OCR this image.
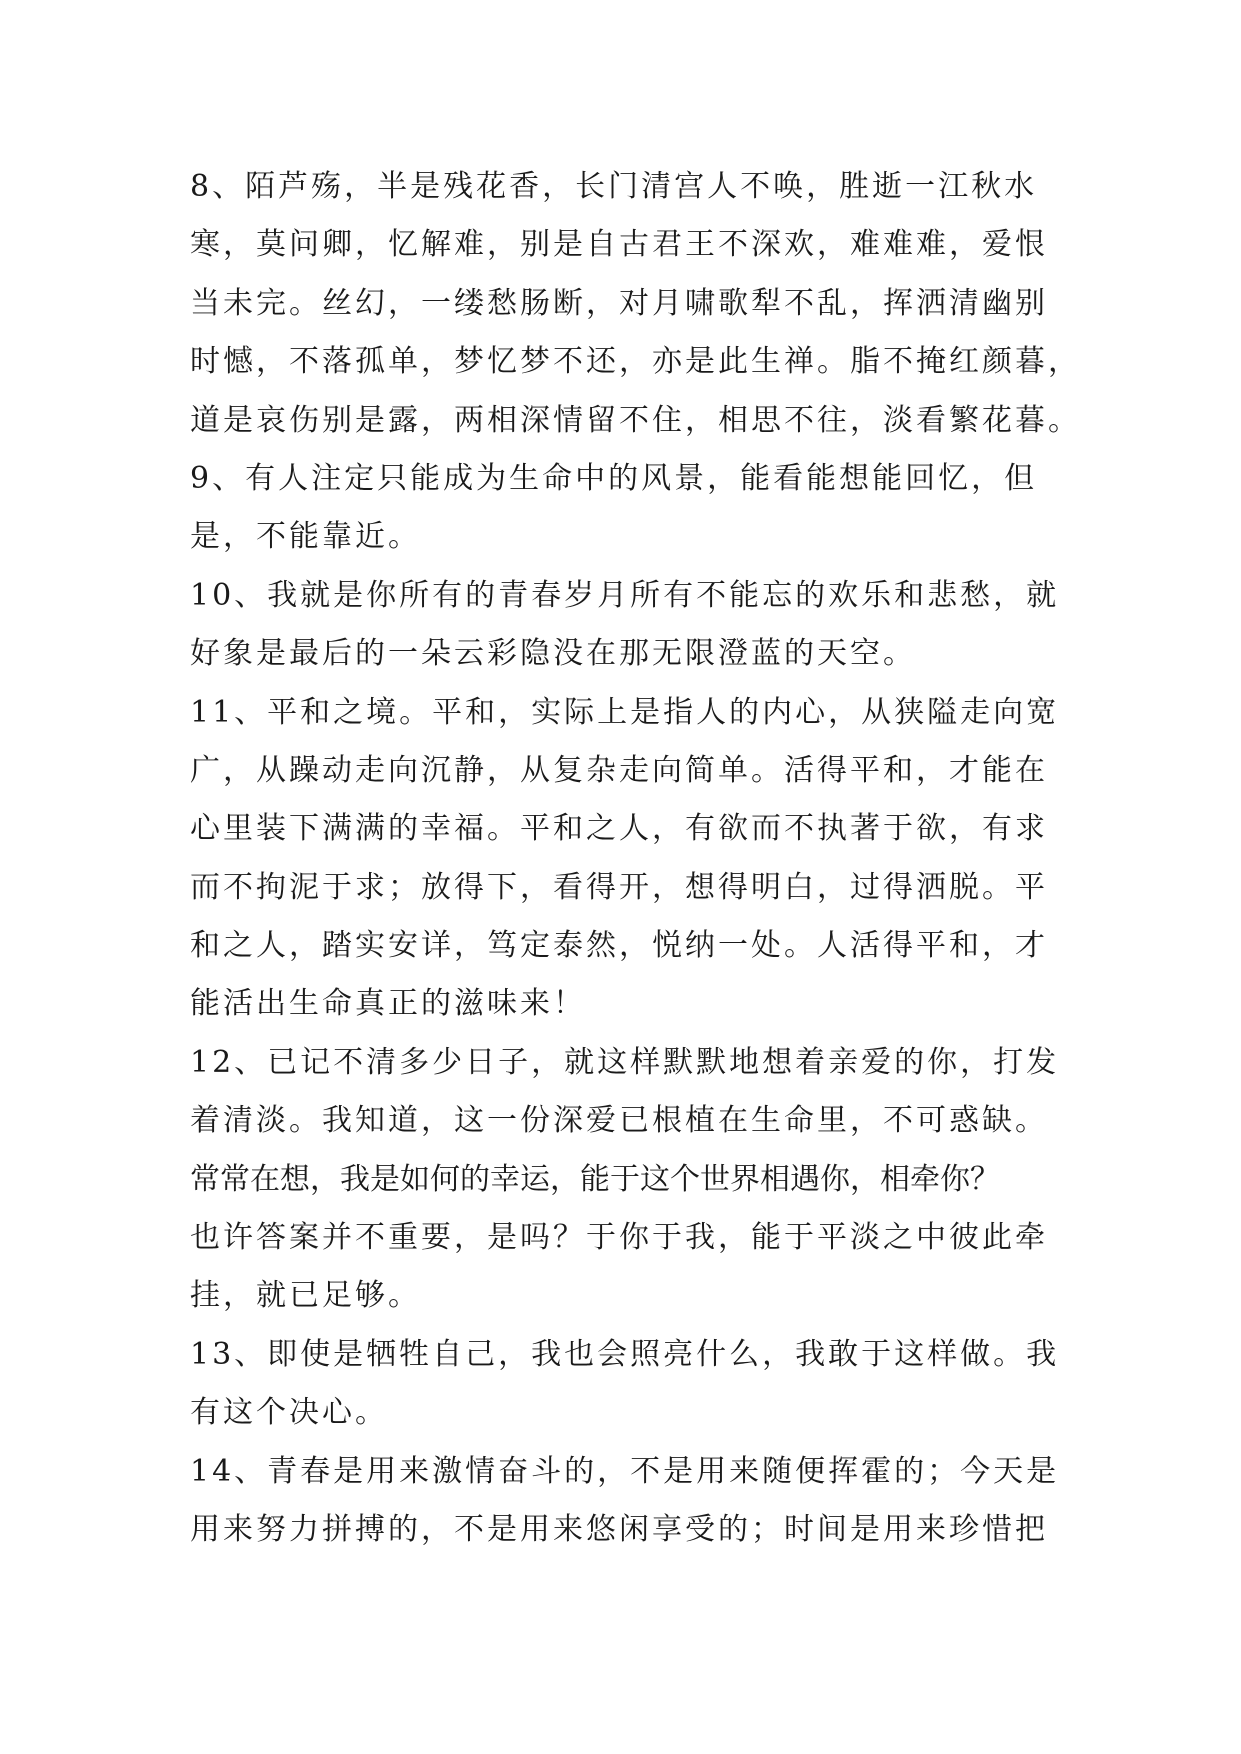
8、陌芦殇，半是残花香，长门清宫人不唤，胜逝一江秋水
寒，莫问卿，忆解难，别是自古君王不深欢，难难难，爱恨
当未完。丝幻，一缕愁肠断，对月啸歌犁不乱，挥洒清幽别
时憾，不落孤单，梦忆梦不还，亦是此生禅。脂不掩红颜暮，
道是哀伤别是露，两相深情留不住，相思不往，淡看繁花暮。
9、有人注定只能成为生命中的风景，能看能想能回忆，但
是，不能靠近。
10、我就是你所有的青春岁月所有不能忘的欢乐和悲愁，就
好象是最后的一朵云彩隐没在那无限澄蓝的天空。
11、平和之境。平和，实际上是指人的内心，从狭隘走向宽
广，从躁动走向沉静，从复杂走向简单。活得平和，才能在
心里装下满满的幸福。平和之人，有欲而不执著于欲，有求
而不拘泥于求；放得下，看得开，想得明白，过得洒脱。平
和之人，踏实安详，笃定泰然，悦纳一处。人活得平和，才
能活出生命真正的滋味来！
12、已记不清多少日子，就这样默默地想着亲爱的你，打发
着清淡。我知道，这一份深爱已根植在生命里，不可惑缺。
常常在想，我是如何的幸运，能于这个世界相遇你，相牵你？
也许答案并不重要，是吗？于你于我，能于平淡之中彼此牵
挂，就已足够。
13、即使是牺牲自己，我也会照亮什么，我敢于这样做。我
有这个决心。
14、青春是用来激情奋斗的，不是用来随便挥霍的；今天是
用来努力拼搏的，不是用来悠闲享受的；时间是用来珍惜把
